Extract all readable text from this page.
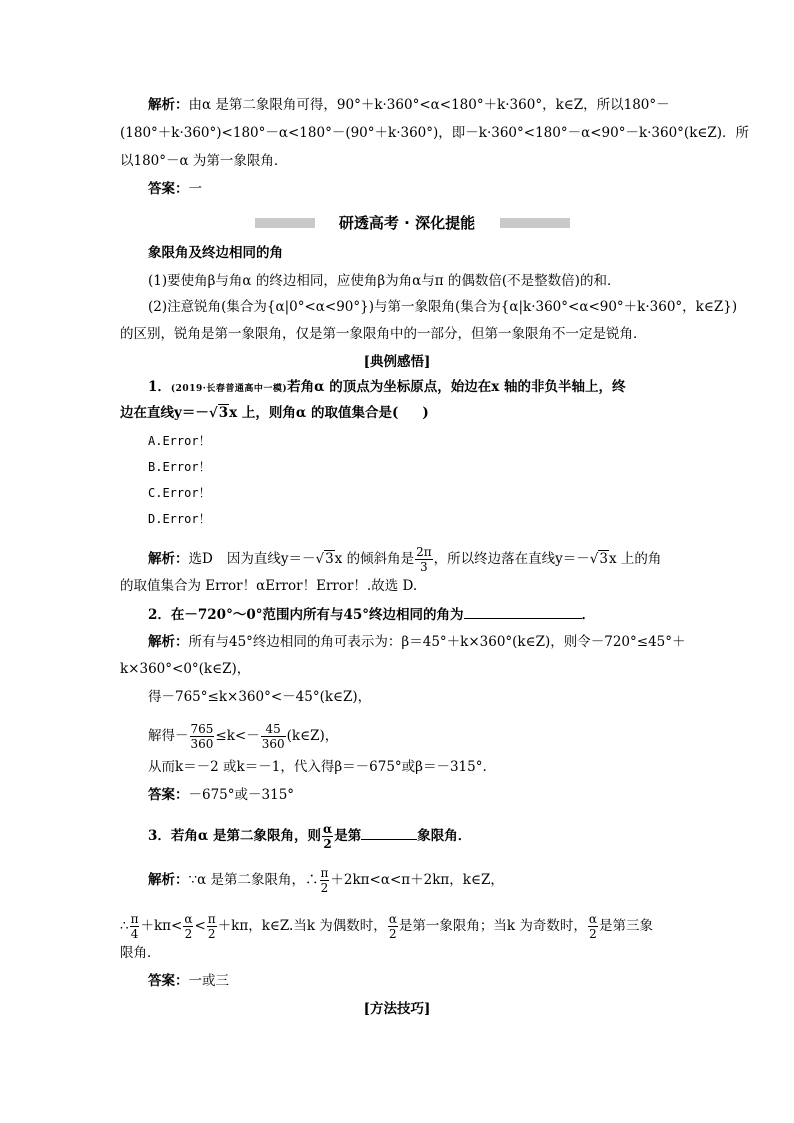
解析：由α 是第二象限角可得，90°＋k·360°<α<180°＋k·360°，k∈Z，所以180°－
(180°＋k·360°)<180°－α<180°－(90°＋k·360°)，即－k·360°<180°－α<90°－k·360°(k∈Z)．所
以180°－α 为第一象限角．
答案：一
研透高考 · 深化提能
象限角及终边相同的角
(1)要使角β与角α 的终边相同，应使角β为角α与π 的偶数倍(不是整数倍)的和．
(2)注意锐角(集合为{α|0°<α<90°})与第一象限角(集合为{α|k·360°<α<90°＋k·360°，k∈Z})
的区别，锐角是第一象限角，仅是第一象限角中的一部分，但第一象限角不一定是锐角．
[典例感悟]
1．(2019·长春普通高中一模)若角α 的顶点为坐标原点，始边在x 轴的非负半轴上，终
边在直线y＝－√3x 上，则角α 的取值集合是( )
A.Error！
B.Error！
C.Error！
D.Error！
解析：选D 因为直线y＝－√3x 的倾斜角是 $\frac{2\pi}{3}$ ，所以终边落在直线y＝－√3x 上的角
的取值集合为 Error！αError！Error！.故选 D.
2．在－720°～0°范围内所有与45°终边相同的角为	．
解析：所有与45°终边相同的角可表示为：β＝45°＋k×360°(k∈Z)，则令－720°≤45°＋
k×360°<0°(k∈Z)，
得－765°≤k×360°<－45°(k∈Z)，
解得－ $\frac{765}{360} \le k<- \frac{45}{360}$ (k∈Z)，
从而k＝－2 或k＝－1，代入得β＝－675°或β＝－315°.
答案：－675°或－315°
3．若角α 是第二象限角，则 $\frac{\alpha}{2}$ 是第	象限角．
解析：∵α 是第二象限角，∴ $\frac{\pi}{2} +2k\pi<\alpha<\pi+2k\pi$，k∈Z，
∴ $\frac{\pi}{4} +k\pi< \frac{\alpha}{2} < \frac{\pi}{2} +k\pi$，k∈Z.当k 为偶数时， $\frac{\alpha}{2}$ 是第一象限角；当k 为奇数时， $\frac{\alpha}{2}$ 是第三象
限角．
答案：一或三
[方法技巧]
